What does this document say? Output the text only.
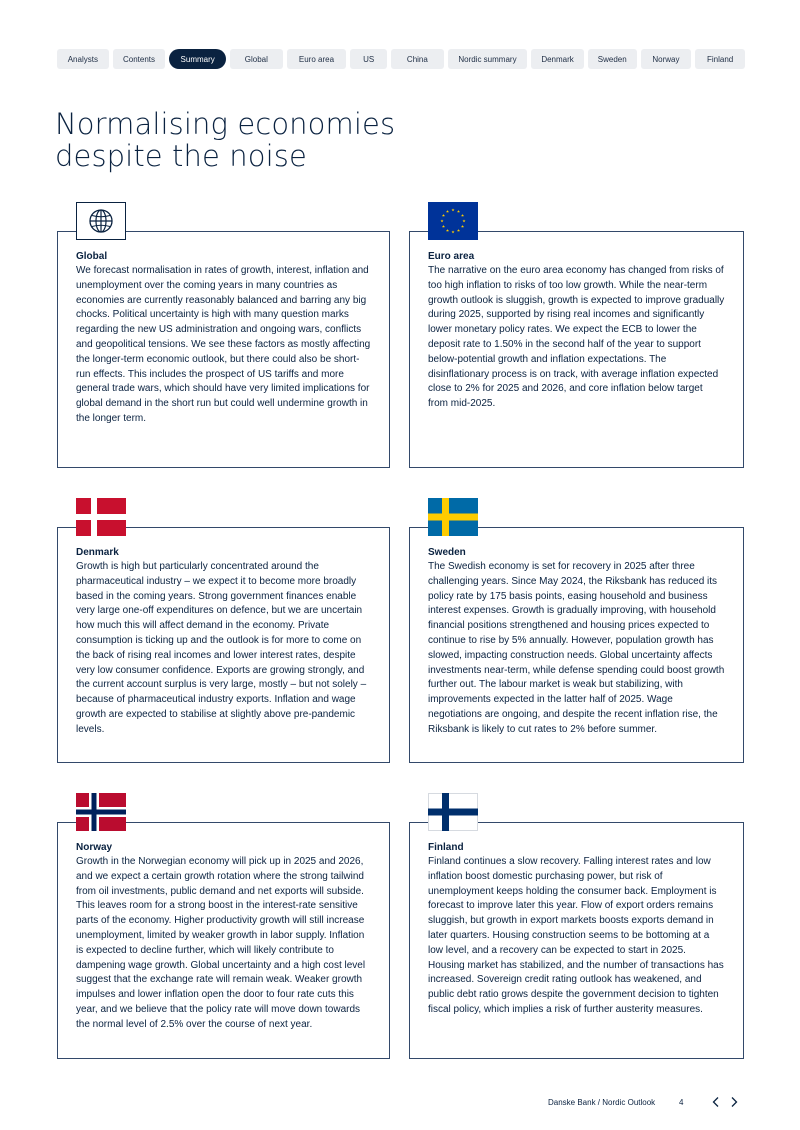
Analysts	Contents	Summary	Global	Euro area	US	China	Nordic summary	Denmark	Sweden	Norway	Finland
Normalising economies
despite the noise
Global
We forecast normalisation in rates of growth, interest, inflation and unemployment over the coming years in many countries as economies are currently reasonably balanced and barring any big chocks. Political uncertainty is high with many question marks regarding the new US administration and ongoing wars, conflicts and geopolitical tensions. We see these factors as mostly affecting the longer-term economic outlook, but there could also be short-run effects. This includes the prospect of US tariffs and more general trade wars, which should have very limited implications for global demand in the short run but could well undermine growth in the longer term.
Euro area
The narrative on the euro area economy has changed from risks of too high inflation to risks of too low growth. While the near-term growth outlook is sluggish, growth is expected to improve gradually during 2025, supported by rising real incomes and significantly lower monetary policy rates. We expect the ECB to lower the deposit rate to 1.50% in the second half of the year to support below-potential growth and inflation expectations. The disinflationary process is on track, with average inflation expected close to 2% for 2025 and 2026, and core inflation below target from mid-2025.
Denmark
Growth is high but particularly concentrated around the pharmaceutical industry – we expect it to become more broadly based in the coming years. Strong government finances enable very large one-off expenditures on defence, but we are uncertain how much this will affect demand in the economy. Private consumption is ticking up and the outlook is for more to come on the back of rising real incomes and lower interest rates, despite very low consumer confidence. Exports are growing strongly, and the current account surplus is very large, mostly – but not solely – because of pharmaceutical industry exports. Inflation and wage growth are expected to stabilise at slightly above pre-pandemic levels.
Sweden
The Swedish economy is set for recovery in 2025 after three challenging years. Since May 2024, the Riksbank has reduced its policy rate by 175 basis points, easing household and business interest expenses. Growth is gradually improving, with household financial positions strengthened and housing prices expected to continue to rise by 5% annually. However, population growth has slowed, impacting construction needs. Global uncertainty affects investments near-term, while defense spending could boost growth further out. The labour market is weak but stabilizing, with improvements expected in the latter half of 2025. Wage negotiations are ongoing, and despite the recent inflation rise, the Riksbank is likely to cut rates to 2% before summer.
Norway
Growth in the Norwegian economy will pick up in 2025 and 2026, and we expect a certain growth rotation where the strong tailwind from oil investments, public demand and net exports will subside. This leaves room for a strong boost in the interest-rate sensitive parts of the economy. Higher productivity growth will still increase unemployment, limited by weaker growth in labor supply. Inflation is expected to decline further, which will likely contribute to dampening wage growth. Global uncertainty and a high cost level suggest that the exchange rate will remain weak. Weaker growth impulses and lower inflation open the door to four rate cuts this year, and we believe that the policy rate will move down towards the normal level of 2.5% over the course of next year.
Finland
Finland continues a slow recovery. Falling interest rates and low inflation boost domestic purchasing power, but risk of unemployment keeps holding the consumer back. Employment is forecast to improve later this year. Flow of export orders remains sluggish, but growth in export markets boosts exports demand in later quarters. Housing construction seems to be bottoming at a low level, and a recovery can be expected to start in 2025. Housing market has stabilized, and the number of transactions has increased. Sovereign credit rating outlook has weakened, and public debt ratio grows despite the government decision to tighten fiscal policy, which implies a risk of further austerity measures.
Danske Bank / Nordic Outlook	4
